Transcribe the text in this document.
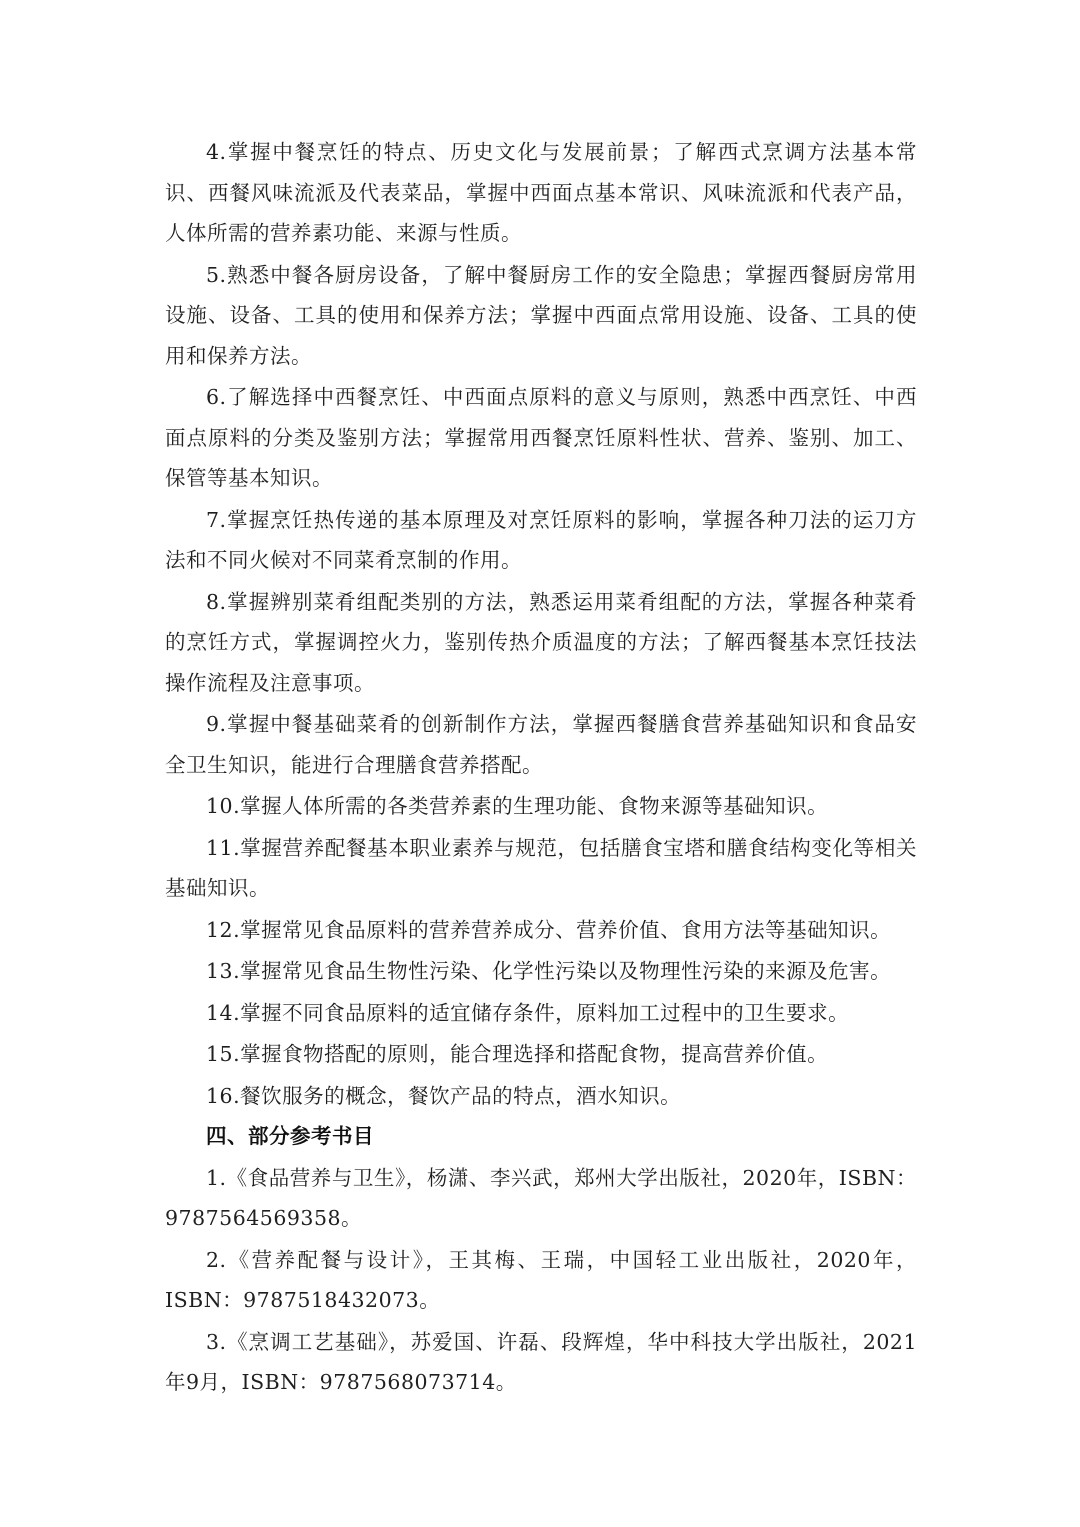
4.掌握中餐烹饪的特点、历史文化与发展前景；了解西式烹调方法基本常识、西餐风味流派及代表菜品，掌握中西面点基本常识、风味流派和代表产品，人体所需的营养素功能、来源与性质。

5.熟悉中餐各厨房设备，了解中餐厨房工作的安全隐患；掌握西餐厨房常用设施、设备、工具的使用和保养方法；掌握中西面点常用设施、设备、工具的使用和保养方法。

6.了解选择中西餐烹饪、中西面点原料的意义与原则，熟悉中西烹饪、中西面点原料的分类及鉴别方法；掌握常用西餐烹饪原料性状、营养、鉴别、加工、保管等基本知识。

7.掌握烹饪热传递的基本原理及对烹饪原料的影响，掌握各种刀法的运刀方法和不同火候对不同菜肴烹制的作用。

8.掌握辨别菜肴组配类别的方法，熟悉运用菜肴组配的方法，掌握各种菜肴的烹饪方式，掌握调控火力，鉴别传热介质温度的方法；了解西餐基本烹饪技法操作流程及注意事项。

9.掌握中餐基础菜肴的创新制作方法，掌握西餐膳食营养基础知识和食品安全卫生知识，能进行合理膳食营养搭配。

10.掌握人体所需的各类营养素的生理功能、食物来源等基础知识。

11.掌握营养配餐基本职业素养与规范，包括膳食宝塔和膳食结构变化等相关基础知识。

12.掌握常见食品原料的营养营养成分、营养价值、食用方法等基础知识。

13.掌握常见食品生物性污染、化学性污染以及物理性污染的来源及危害。

14.掌握不同食品原料的适宜储存条件，原料加工过程中的卫生要求。

15.掌握食物搭配的原则，能合理选择和搭配食物，提高营养价值。

16.餐饮服务的概念，餐饮产品的特点，酒水知识。

四、部分参考书目

1.《食品营养与卫生》，杨潇、李兴武，郑州大学出版社，2020年，ISBN：9787564569358。

2.《营养配餐与设计》，王其梅、王瑞，中国轻工业出版社，2020年，ISBN：9787518432073。

3.《烹调工艺基础》，苏爱国、许磊、段辉煌，华中科技大学出版社，2021年9月，ISBN：9787568073714。
